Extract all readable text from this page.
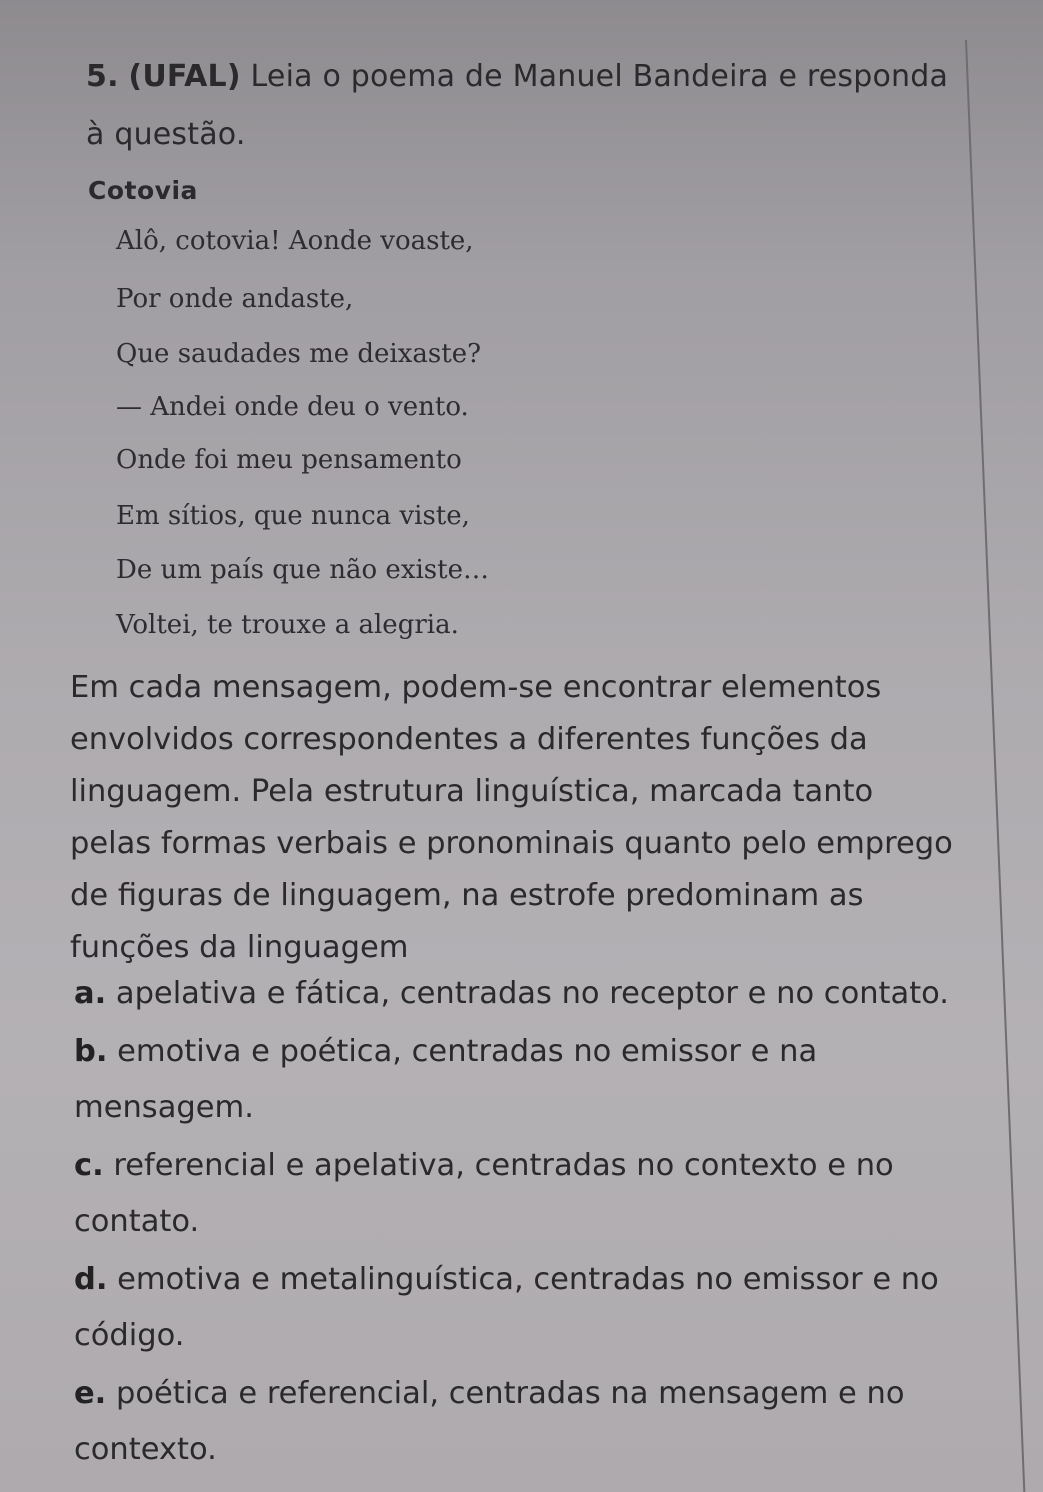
5. (UFAL) Leia o poema de Manuel Bandeira e responda à questão.
Cotovia
Alô, cotovia! Aonde voaste,
Por onde andaste,
Que saudades me deixaste?
— Andei onde deu o vento.
Onde foi meu pensamento
Em sítios, que nunca viste,
De um país que não existe…
Voltei, te trouxe a alegria.
Em cada mensagem, podem-se encontrar elementos envolvidos correspondentes a diferentes funções da linguagem. Pela estrutura linguística, marcada tanto pelas formas verbais e pronominais quanto pelo emprego de figuras de linguagem, na estrofe predominam as funções da linguagem
a. apelativa e fática, centradas no receptor e no contato.
b. emotiva e poética, centradas no emissor e na mensagem.
c. referencial e apelativa, centradas no contexto e no contato.
d. emotiva e metalinguística, centradas no emissor e no código.
e. poética e referencial, centradas na mensagem e no contexto.
